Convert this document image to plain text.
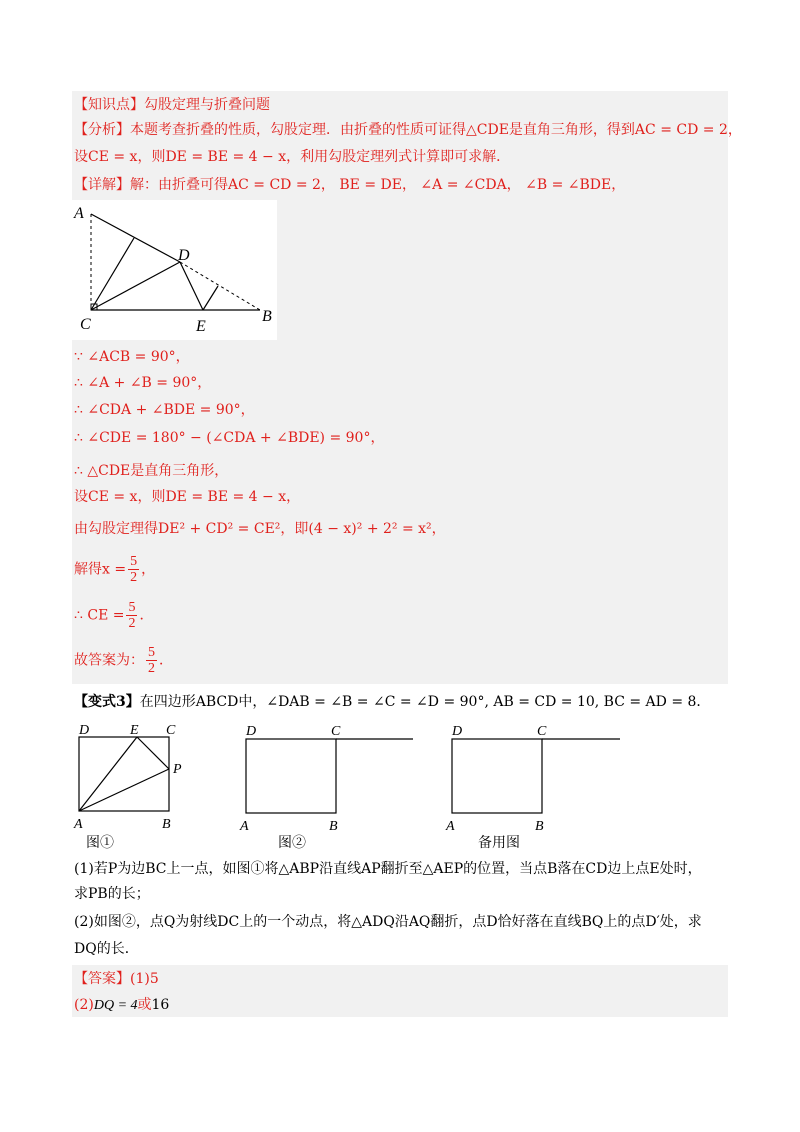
【知识点】勾股定理与折叠问题
【分析】本题考查折叠的性质，勾股定理．由折叠的性质可证得△CDE是直角三角形，得到AC = CD = 2，
设CE = x，则DE = BE = 4 − x，利用勾股定理列式计算即可求解．
【详解】解：由折叠可得AC = CD = 2， BE = DE， ∠A = ∠CDA， ∠B = ∠BDE，
A
D
C	E
B
∵ ∠ACB = 90°，
∴ ∠A + ∠B = 90°，
∴ ∠CDA + ∠BDE = 90°，
∴ ∠CDE = 180° − (∠CDA + ∠BDE) = 90°，
∴ △CDE是直角三角形，
设CE = x，则DE = BE = 4 − x，
由勾股定理得DE² + CD² = CE²，即(4 − x)² + 2² = x²，
解得$x = \frac{5}{2}$ ，
∴ CE = $\frac{5}{2}$ ．
故答案为： $\frac{5}{2}$ ．
【变式3】在四边形ABCD中，∠DAB = ∠B = ∠C = ∠D = 90°, AB = CD = 10, BC = AD = 8．
D	E C
P
A	B
图①
D	C
A	B
图②
D	C
A	B
备用图
(1)若P为边BC上一点，如图①将△ABP沿直线AP翻折至△AEP的位置，当点B落在CD边上点E处时，
求PB的长；
(2)如图②，点Q为射线DC上的一个动点，将△ADQ沿AQ翻折，点D恰好落在直线BQ上的点D′处，求
DQ的长．
【答案】(1)5
(2)DQ = 4或16
